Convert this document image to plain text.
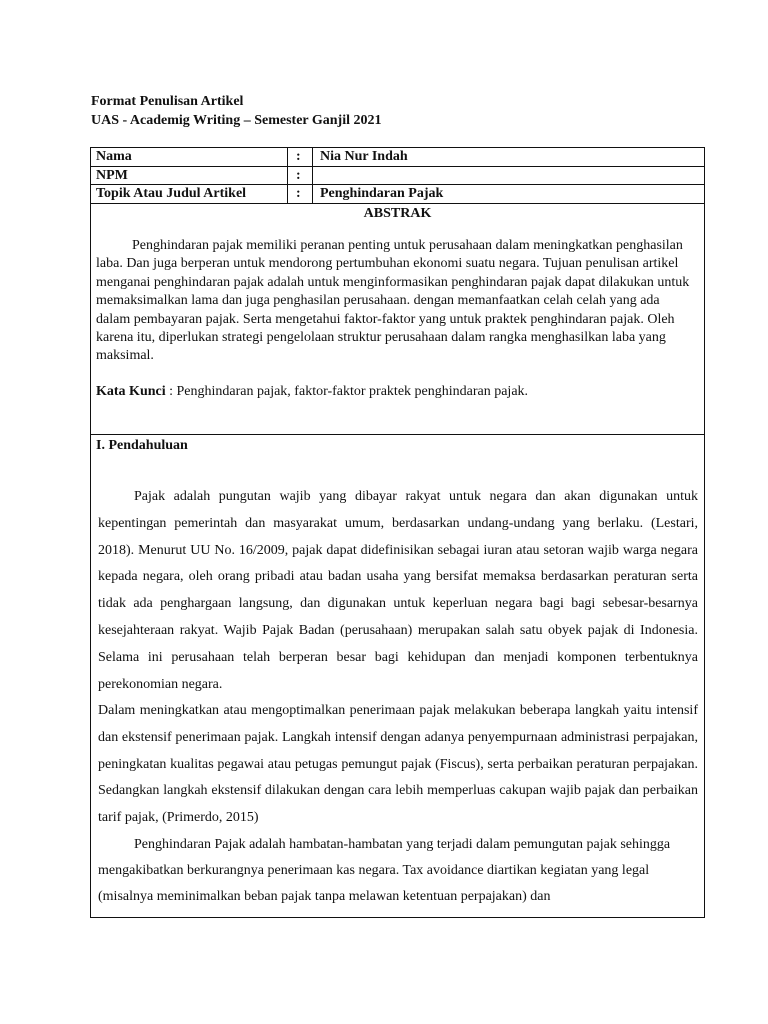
Format Penulisan Artikel
UAS - Academig Writing – Semester Ganjil 2021
Nama	: Nia Nur Indah
NPM	:
Topik Atau Judul Artikel	: Penghindaran Pajak
ABSTRAK
Penghindaran pajak memiliki peranan penting untuk perusahaan dalam meningkatkan penghasilan laba. Dan juga berperan untuk mendorong pertumbuhan ekonomi suatu negara. Tujuan penulisan artikel menganai penghindaran pajak adalah untuk menginformasikan penghindaran pajak dapat dilakukan untuk memaksimalkan lama dan juga penghasilan perusahaan. dengan memanfaatkan celah celah yang ada dalam pembayaran pajak. Serta mengetahui faktor-faktor yang untuk praktek penghindaran pajak. Oleh karena itu, diperlukan strategi pengelolaan struktur perusahaan dalam rangka menghasilkan laba yang maksimal.
Kata Kunci : Penghindaran pajak, faktor-faktor praktek penghindaran pajak.
I. Pendahuluan
Pajak adalah pungutan wajib yang dibayar rakyat untuk negara dan akan digunakan untuk kepentingan pemerintah dan masyarakat umum, berdasarkan undang-undang yang berlaku. (Lestari, 2018). Menurut UU No. 16/2009, pajak dapat didefinisikan sebagai iuran atau setoran wajib warga negara kepada negara, oleh orang pribadi atau badan usaha yang bersifat memaksa berdasarkan peraturan serta tidak ada penghargaan langsung, dan digunakan untuk keperluan negara bagi bagi sebesar-besarnya kesejahteraan rakyat. Wajib Pajak Badan (perusahaan) merupakan salah satu obyek pajak di Indonesia. Selama ini perusahaan telah berperan besar bagi kehidupan dan menjadi komponen terbentuknya perekonomian negara.
Dalam meningkatkan atau mengoptimalkan penerimaan pajak melakukan beberapa langkah yaitu intensif dan ekstensif penerimaan pajak. Langkah intensif dengan adanya penyempurnaan administrasi perpajakan, peningkatan kualitas pegawai atau petugas pemungut pajak (Fiscus), serta perbaikan peraturan perpajakan. Sedangkan langkah ekstensif dilakukan dengan cara lebih memperluas cakupan wajib pajak dan perbaikan tarif pajak, (Primerdo, 2015)
Penghindaran Pajak adalah hambatan-hambatan yang terjadi dalam pemungutan pajak sehingga mengakibatkan berkurangnya penerimaan kas negara. Tax avoidance diartikan kegiatan yang legal (misalnya meminimalkan beban pajak tanpa melawan ketentuan perpajakan) dan
